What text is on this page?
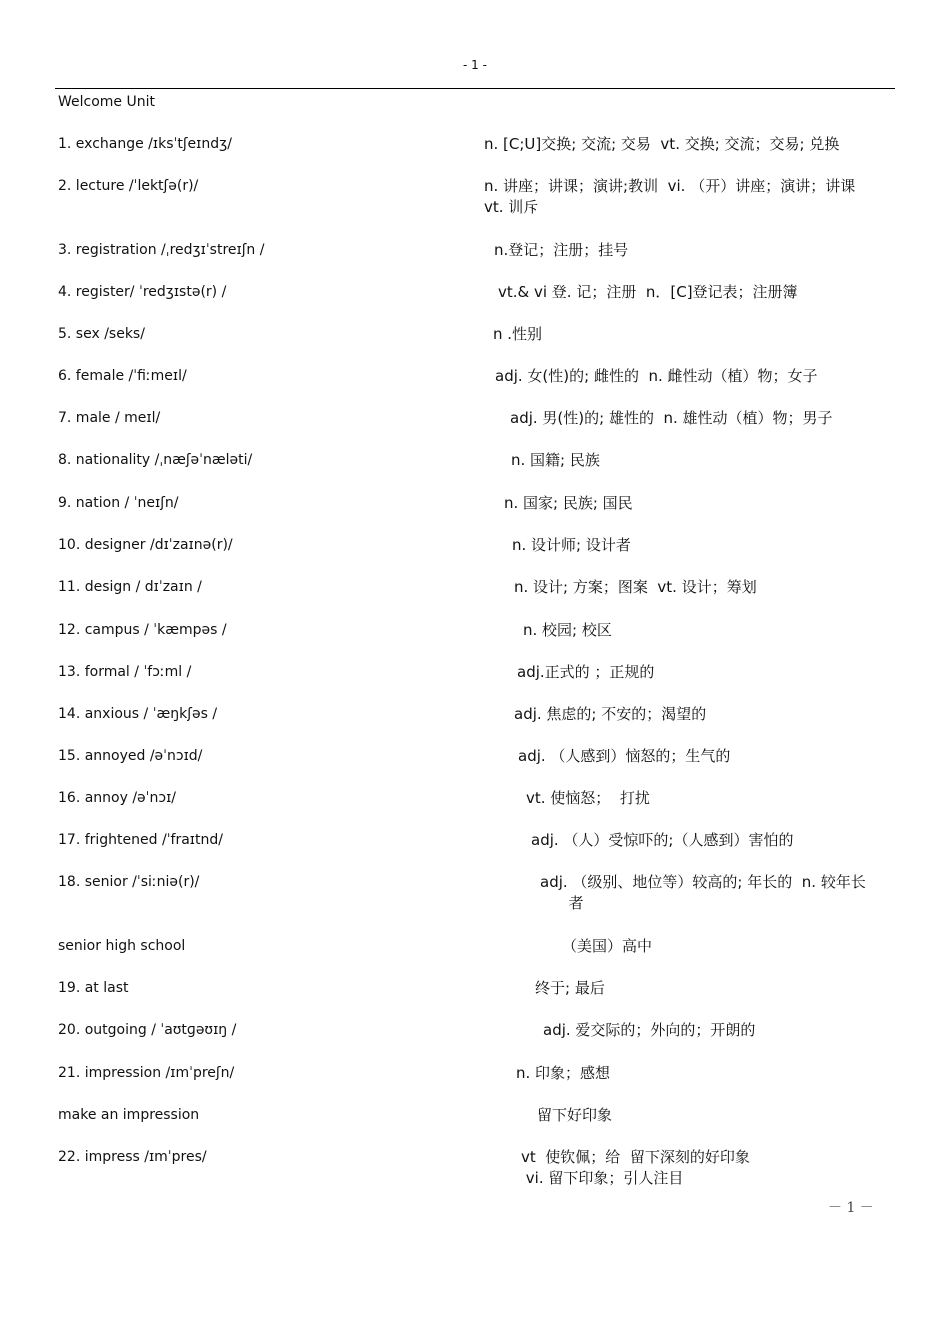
- 1 -
Welcome Unit
1. exchange /ɪksˈtʃeɪndʒ/	n. [C;U]交换; 交流; 交易  vt. 交换; 交流；交易; 兑换
2. lecture /ˈlektʃə(r)/	n. 讲座；讲课；演讲;教训  vi. （开）讲座；演讲；讲课
vt. 训斥
3. registration /ˌredʒɪˈstreɪʃn /	n.登记；注册；挂号
4. register/ ˈredʒɪstə(r) /	vt.& vi 登. 记；注册  n．[C]登记表；注册簿
5. sex /seks/	n .性别
6. female /ˈfiːmeɪl/	adj. 女(性)的; 雌性的  n. 雌性动（植）物；女子
7. male / meɪl/	adj. 男(性)的; 雄性的  n. 雄性动（植）物；男子
8. nationality /ˌnæʃəˈnæləti/	n. 国籍; 民族
9. nation / ˈneɪʃn/	n. 国家; 民族; 国民
10. designer /dɪˈzaɪnə(r)/	n. 设计师; 设计者
11. design / dɪˈzaɪn /	n. 设计; 方案；图案  vt. 设计；筹划
12. campus / ˈkæmpəs /	n. 校园; 校区
13. formal / ˈfɔːml /	adj.正式的 ；正规的
14. anxious / ˈæŋkʃəs /	adj. 焦虑的; 不安的；渴望的
15. annoyed /əˈnɔɪd/	adj. （人感到）恼怒的；生气的
16. annoy /əˈnɔɪ/	vt. 使恼怒；  打扰
17. frightened /ˈfraɪtnd/	adj. （人）受惊吓的;（人感到）害怕的
18. senior /ˈsiːniə(r)/	adj. （级别、地位等）较高的; 年长的  n. 较年长
者
senior high school	（美国）高中
19. at last	终于; 最后
20. outgoing / ˈaʊtɡəʊɪŋ /	adj. 爱交际的；外向的；开朗的
21. impression /ɪmˈpreʃn/	n. 印象；感想
make an impression	留下好印象
22. impress /ɪmˈpres/	vt  使钦佩；给  留下深刻的好印象
vi. 留下印象；引人注目
－ 1 －
